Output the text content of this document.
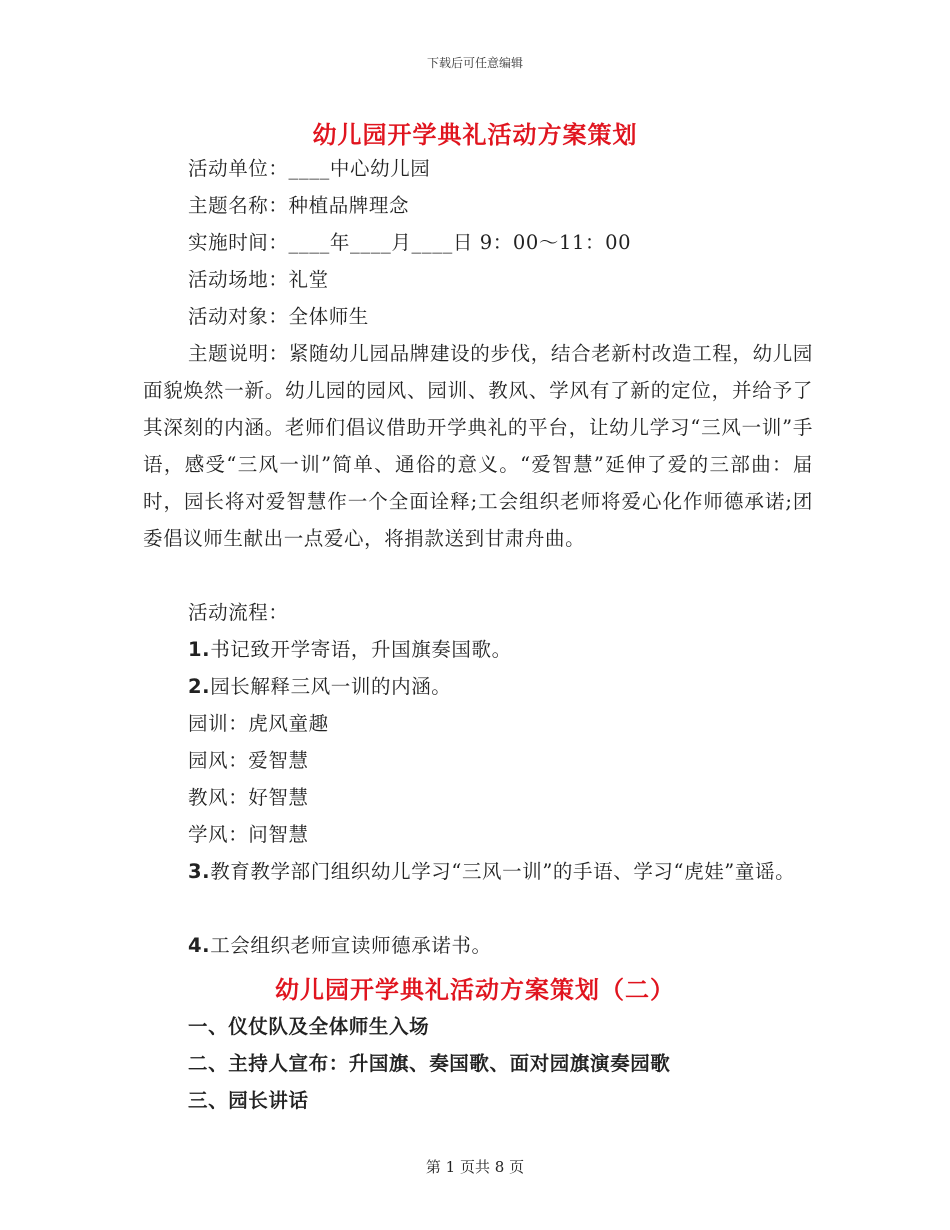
下载后可任意编辑
幼儿园开学典礼活动方案策划
活动单位：____中心幼儿园
主题名称：种植品牌理念
实施时间：____年____月____日 9：00～11：00
活动场地：礼堂
活动对象：全体师生
主题说明：紧随幼儿园品牌建设的步伐，结合老新村改造工程，幼儿园面貌焕然一新。幼儿园的园风、园训、教风、学风有了新的定位，并给予了其深刻的内涵。老师们倡议借助开学典礼的平台，让幼儿学习“三风一训”手语，感受“三风一训”简单、通俗的意义。“爱智慧”延伸了爱的三部曲：届时，园长将对爱智慧作一个全面诠释;工会组织老师将爱心化作师德承诺;团委倡议师生献出一点爱心，将捐款送到甘肃舟曲。
活动流程：
1.书记致开学寄语，升国旗奏国歌。
2.园长解释三风一训的内涵。
园训：虎风童趣
园风：爱智慧
教风：好智慧
学风：问智慧
3.教育教学部门组织幼儿学习“三风一训”的手语、学习“虎娃”童谣。
4.工会组织老师宣读师德承诺书。
幼儿园开学典礼活动方案策划（二）
一、仪仗队及全体师生入场
二、主持人宣布：升国旗、奏国歌、面对园旗演奏园歌
三、园长讲话
第 1 页共 8 页
